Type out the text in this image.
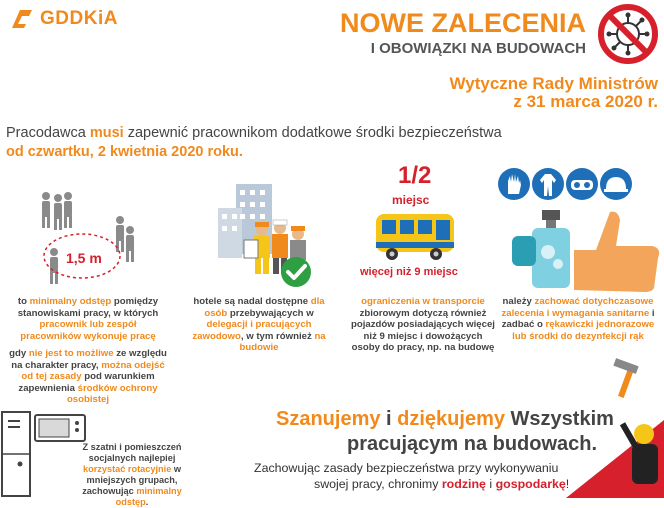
GDDKiA	NOWE ZALECENIA
I OBOWIĄZKI NA BUDOWACH
Wytyczne Rady Ministrów
z 31 marca 2020 r.
Pracodawca musi zapewnić pracownikom dodatkowe środki bezpieczeństwa
od czwartku, 2 kwietnia 2020 roku.
1,5 m
to minimalny odstęp pomiędzy stanowiskami pracy, w których pracownik lub zespół pracowników wykonuje pracę
gdy nie jest to możliwe ze względu na charakter pracy, można odejść od tej zasady pod warunkiem zapewnienia środków ochrony osobistej
hotele są nadal dostępne dla osób przebywających w delegacji i pracujących zawodowo, w tym również na budowie
1/2
miejsc
więcej niż 9 miejsc
ograniczenia w transporcie zbiorowym dotyczą również pojazdów posiadających więcej niż 9 miejsc i dowożących osoby do pracy, np. na budowę
należy zachować dotychczasowe zalecenia i wymagania sanitarne i zadbać o rękawiczki jednorazowe lub środki do dezynfekcji rąk
Z szatni i pomieszczeń socjalnych najlepiej korzystać rotacyjnie w mniejszych grupach, zachowując minimalny odstęp.
Szanujemy i dziękujemy Wszystkim
pracującym na budowach.
Zachowując zasady bezpieczeństwa przy wykonywaniu
swojej pracy, chronimy rodzinę i gospodarkę!
